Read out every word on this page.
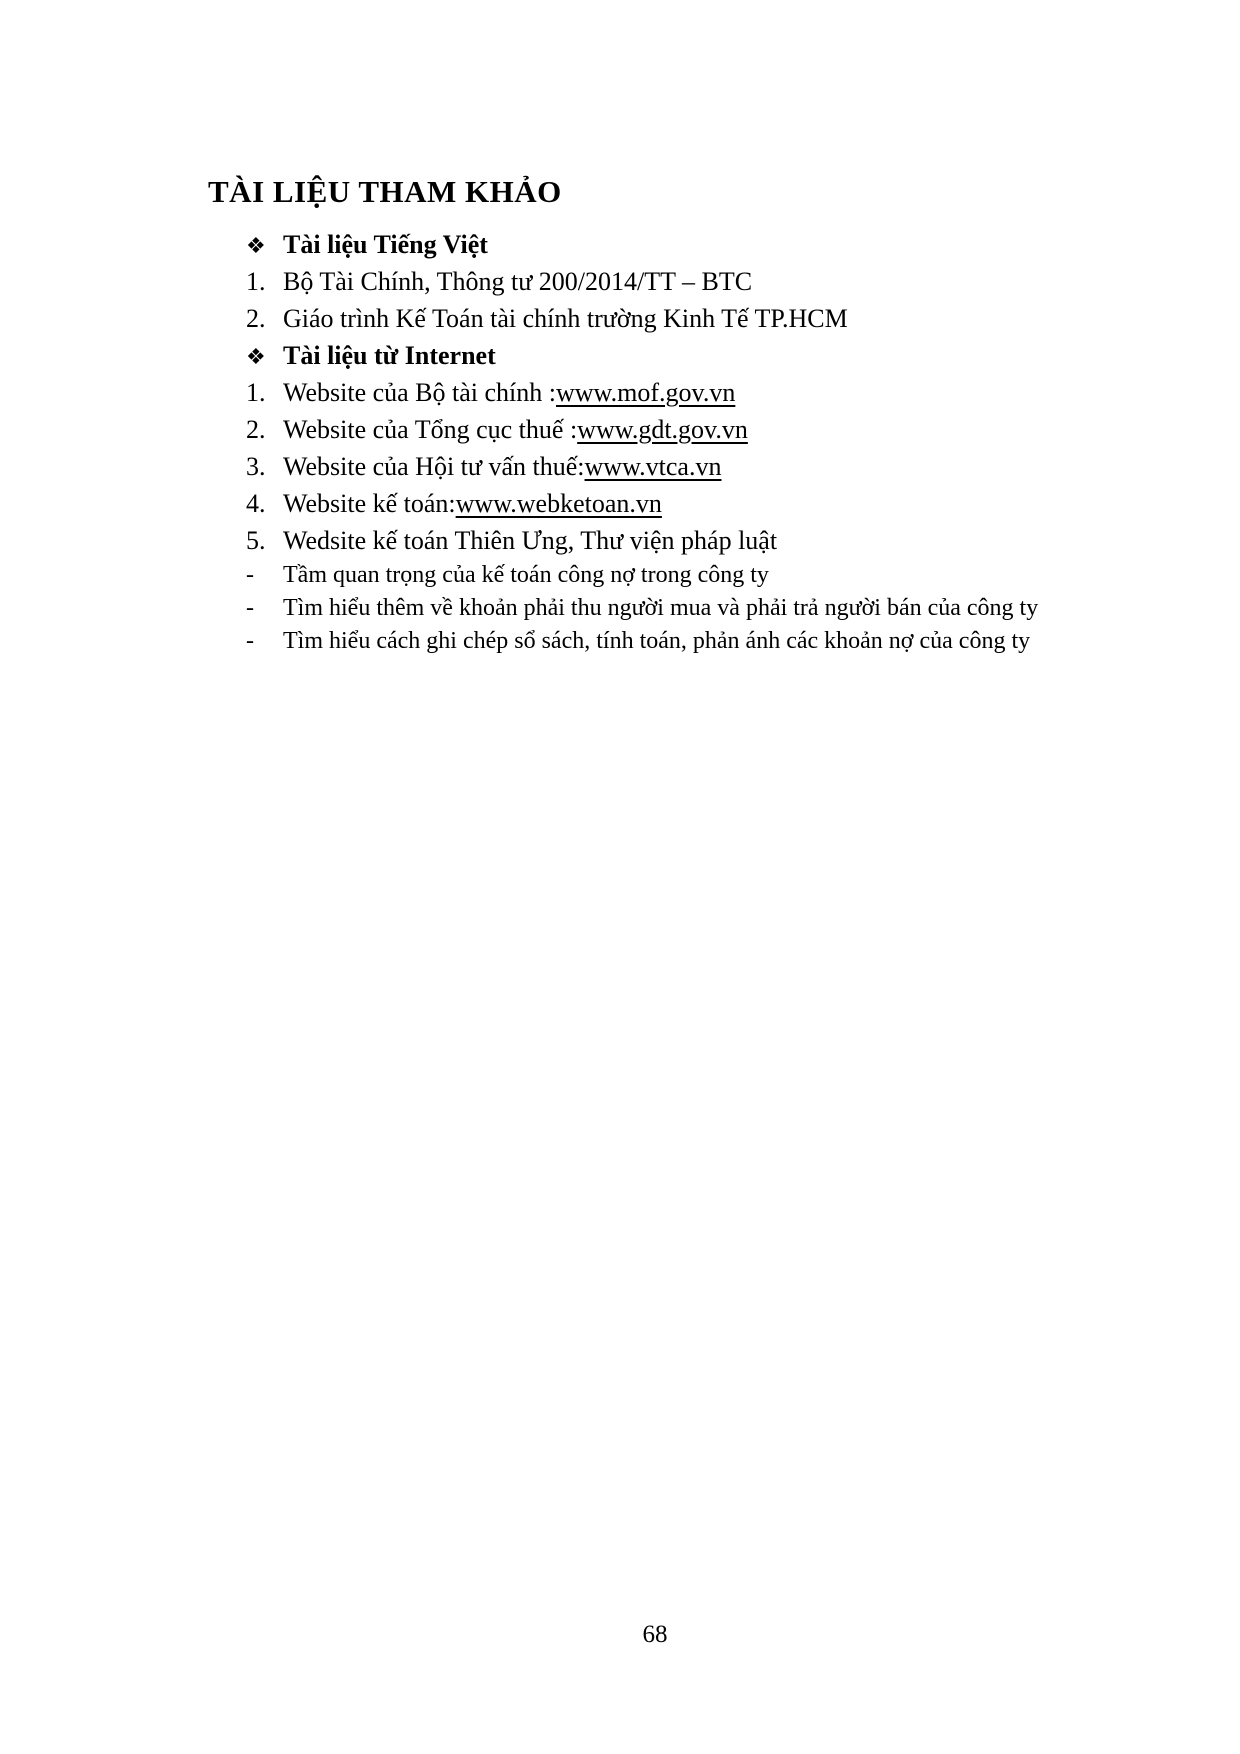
TÀI LIỆU THAM KHẢO
❖ Tài liệu Tiếng Việt
1. Bộ Tài Chính, Thông tư 200/2014/TT – BTC
2. Giáo trình Kế Toán tài chính trường Kinh Tế TP.HCM
❖ Tài liệu từ Internet
1. Website của Bộ tài chính : www.mof.gov.vn
2. Website của Tổng cục thuế : www.gdt.gov.vn
3. Website của Hội tư vấn thuế: www.vtca.vn
4. Website kế toán: www.webketoan.vn
5. Wedsite kế toán Thiên Ưng, Thư viện pháp luật
-	Tầm quan trọng của kế toán công nợ trong công ty
-	Tìm hiểu thêm về khoản phải thu người mua và phải trả người bán của công ty
-	Tìm hiểu cách ghi chép sổ sách, tính toán, phản ánh các khoản nợ của công ty
68
